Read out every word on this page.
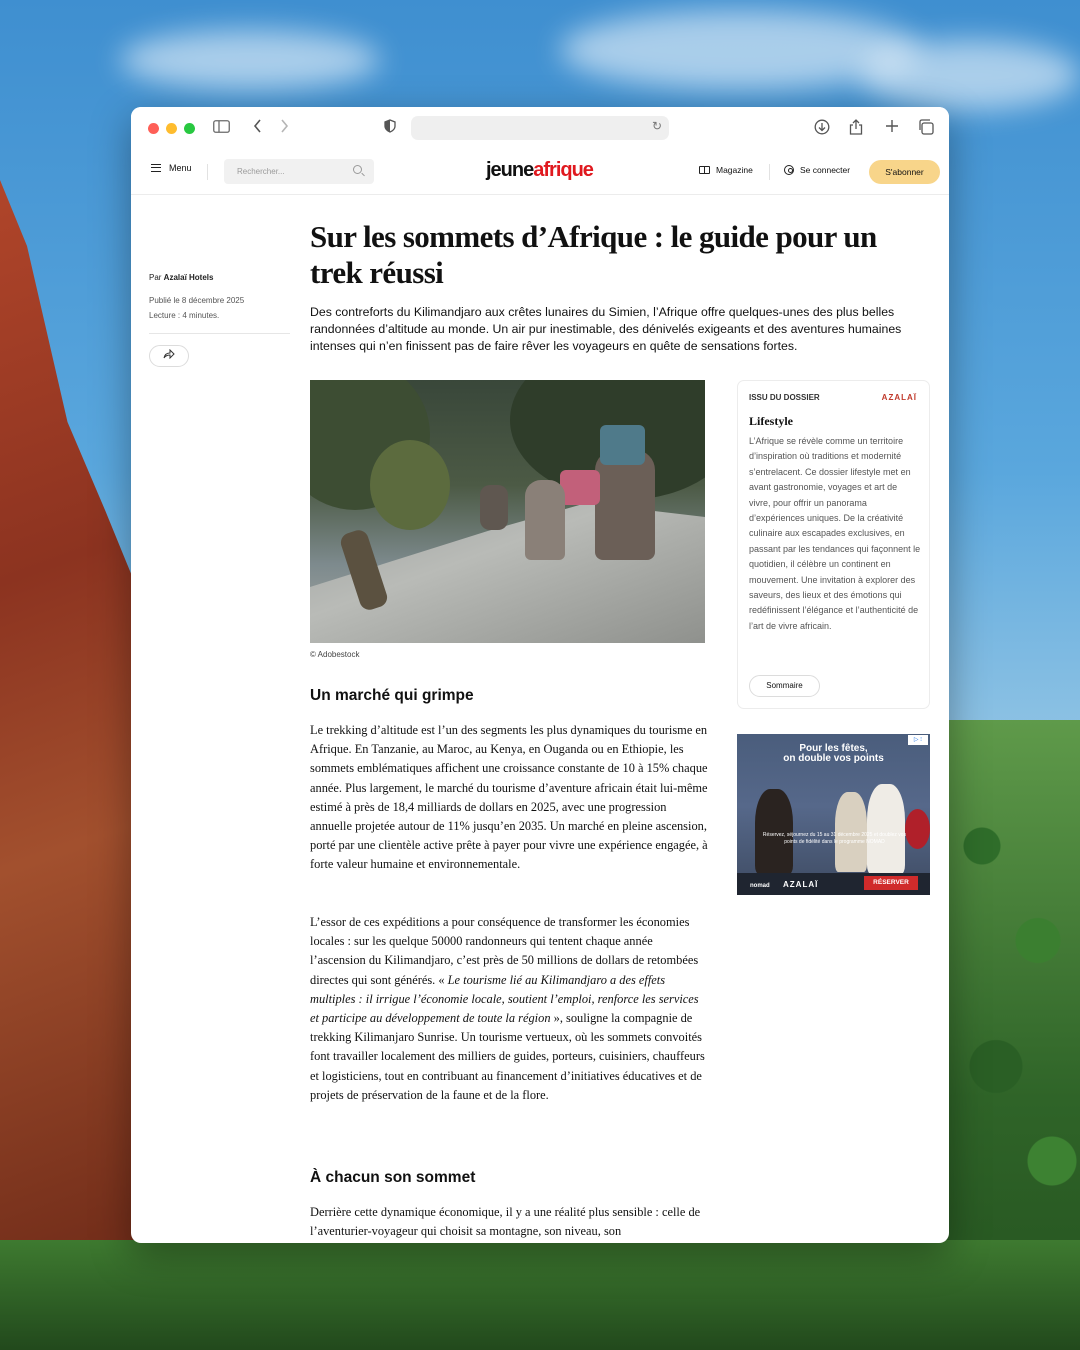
↻
Menu	Rechercher...	jeuneafrique	Magazine	Se connecter	S'abonner
Sur les sommets d’Afrique : le guide pour un trek réussi
Par Azalaï Hotels
Publié le 8 décembre 2025
Lecture : 4 minutes.	Des contreforts du Kilimandjaro aux crêtes lunaires du Simien, l’Afrique offre quelques-unes des plus belles randonnées d’altitude au monde. Un air pur inestimable, des dénivelés exigeants et des aventures humaines intenses qui n’en finissent pas de faire rêver les voyageurs en quête de sensations fortes.

© Adobestock
Un marché qui grimpe

Le trekking d’altitude est l’un des segments les plus dynamiques du tourisme en Afrique. En Tanzanie, au Maroc, au Kenya, en Ouganda ou en Ethiopie, les sommets emblématiques affichent une croissance constante de 10 à 15% chaque année. Plus largement, le marché du tourisme d’aventure africain était lui-même estimé à près de 18,4 milliards de dollars en 2025, avec une progression annuelle projetée autour de 11% jusqu’en 2035. Un marché en pleine ascension, porté par une clientèle active prête à payer pour vivre une expérience engagée, à forte valeur humaine et environnementale.

L’essor de ces expéditions a pour conséquence de transformer les économies locales : sur les quelque 50000 randonneurs qui tentent chaque année l’ascension du Kilimandjaro, c’est près de 50 millions de dollars de retombées directes qui sont générés. « Le tourisme lié au Kilimandjaro a des effets multiples : il irrigue l’économie locale, soutient l’emploi, renforce les services et participe au développement de toute la région », souligne la compagnie de trekking Kilimanjaro Sunrise. Un tourisme vertueux, où les sommets convoités font travailler localement des milliers de guides, porteurs, cuisiniers, chauffeurs et logisticiens, tout en contribuant au financement d’initiatives éducatives et de projets de préservation de la faune et de la flore.

À chacun son sommet

Derrière cette dynamique économique, il y a une réalité plus sensible : celle de l’aventurier-voyageur qui choisit sa montagne, son niveau, son

ISSU DU DOSSIER	AZALAÏ
Lifestyle

L’Afrique se révèle comme un territoire d’inspiration où traditions et modernité s’entrelacent. Ce dossier lifestyle met en avant gastronomie, voyages et art de vivre, pour offrir un panorama d’expériences uniques. De la créativité culinaire aux escapades exclusives, en passant par les tendances qui façonnent le quotidien, il célèbre un continent en mouvement. Une invitation à explorer des saveurs, des lieux et des émotions qui redéfinissent l’élégance et l’authenticité de l’art de vivre africain.

Sommaire
Pour les fêtes,
on double vos points
▷ ⁝
Réservez, séjournez du 15 au 31 décembre 2025 et doublez vos points de fidélité dans le programme NOMAD
nomad AZALAÏ	RÉSERVER
